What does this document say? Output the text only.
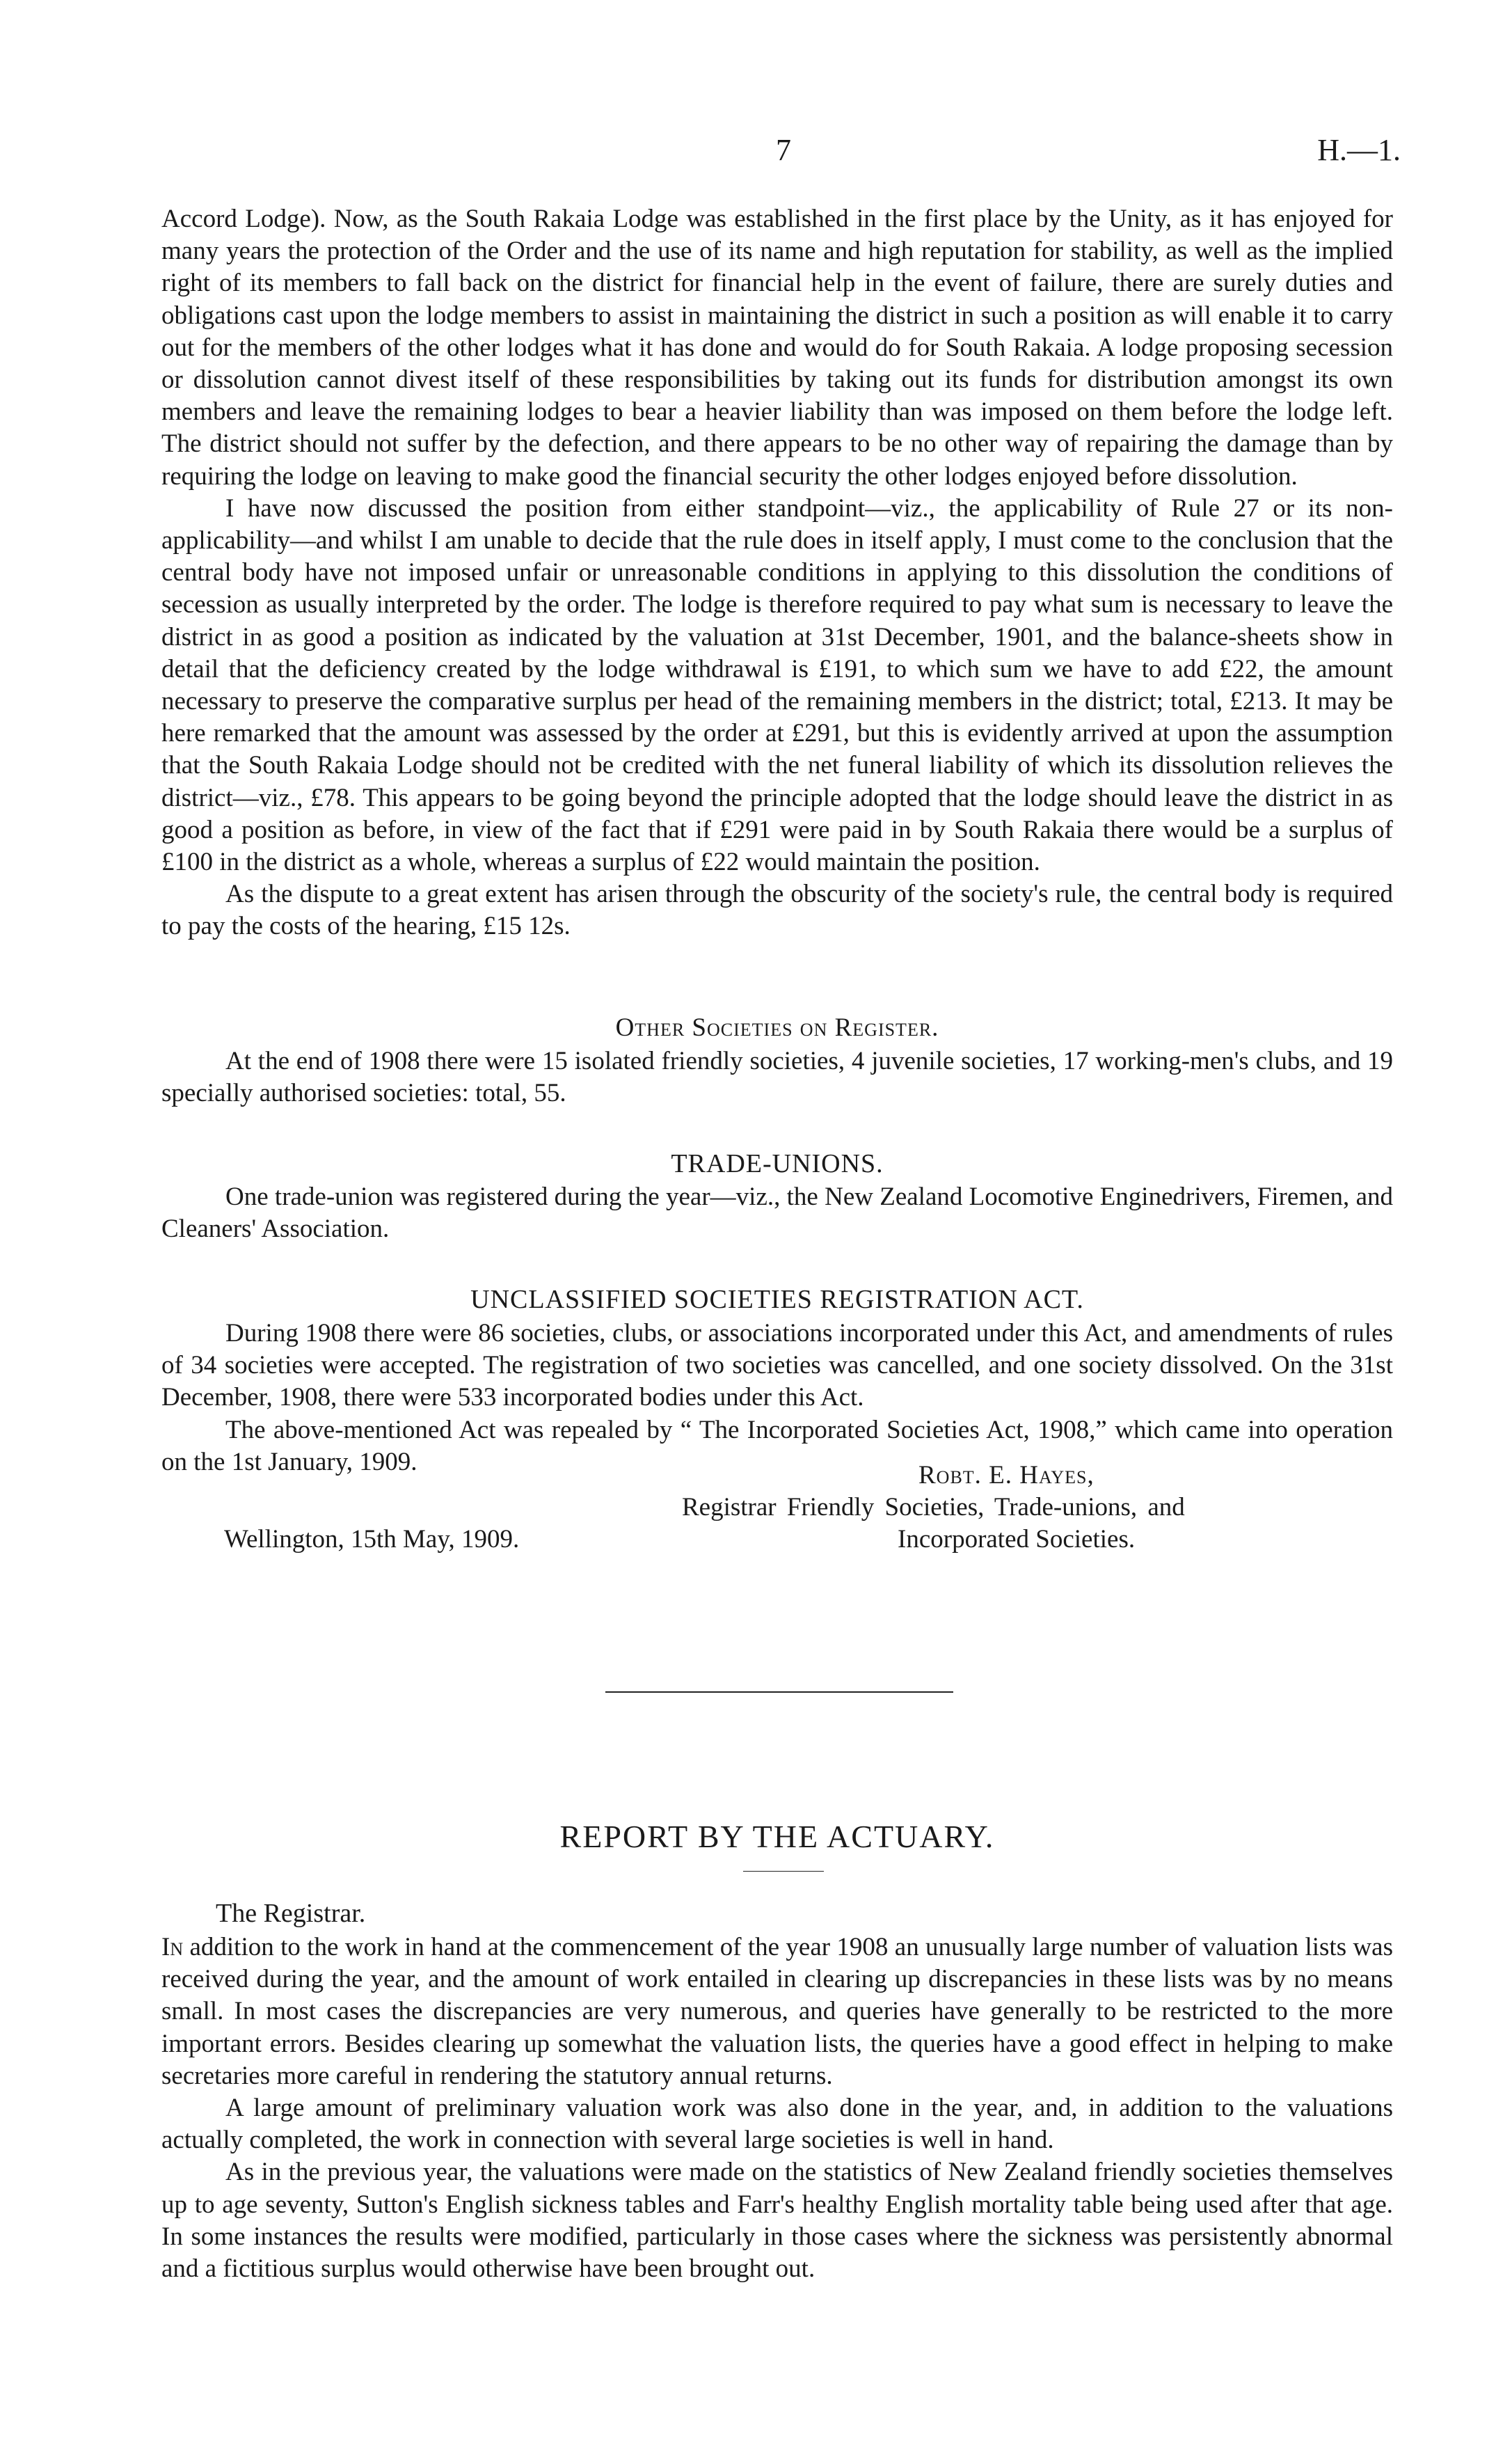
7	H.—1.

Accord Lodge). Now, as the South Rakaia Lodge was established in the first place by the Unity, as it has enjoyed for many years the protection of the Order and the use of its name and high reputation for stability, as well as the implied right of its members to fall back on the district for financial help in the event of failure, there are surely duties and obligations cast upon the lodge members to assist in maintaining the district in such a position as will enable it to carry out for the members of the other lodges what it has done and would do for South Rakaia. A lodge proposing secession or dissolution cannot divest itself of these responsibilities by taking out its funds for distribution amongst its own members and leave the remaining lodges to bear a heavier liability than was imposed on them before the lodge left. The district should not suffer by the defection, and there appears to be no other way of repairing the damage than by requiring the lodge on leaving to make good the financial security the other lodges enjoyed before dissolution.

I have now discussed the position from either standpoint—viz., the applicability of Rule 27 or its non-applicability—and whilst I am unable to decide that the rule does in itself apply, I must come to the conclusion that the central body have not imposed unfair or unreasonable conditions in applying to this dissolution the conditions of secession as usually interpreted by the order. The lodge is therefore required to pay what sum is necessary to leave the district in as good a position as indicated by the valuation at 31st December, 1901, and the balance-sheets show in detail that the deficiency created by the lodge withdrawal is £191, to which sum we have to add £22, the amount necessary to preserve the comparative surplus per head of the remaining members in the district; total, £213. It may be here remarked that the amount was assessed by the order at £291, but this is evidently arrived at upon the assumption that the South Rakaia Lodge should not be credited with the net funeral liability of which its dissolution relieves the district—viz., £78. This appears to be going beyond the principle adopted that the lodge should leave the district in as good a position as before, in view of the fact that if £291 were paid in by South Rakaia there would be a surplus of £100 in the district as a whole, whereas a surplus of £22 would maintain the position.

As the dispute to a great extent has arisen through the obscurity of the society's rule, the central body is required to pay the costs of the hearing, £15 12s.

Other Societies on Register.

At the end of 1908 there were 15 isolated friendly societies, 4 juvenile societies, 17 working-men's clubs, and 19 specially authorised societies: total, 55.

TRADE-UNIONS.

One trade-union was registered during the year—viz., the New Zealand Locomotive Enginedrivers, Firemen, and Cleaners' Association.

UNCLASSIFIED SOCIETIES REGISTRATION ACT.

During 1908 there were 86 societies, clubs, or associations incorporated under this Act, and amendments of rules of 34 societies were accepted. The registration of two societies was cancelled, and one society dissolved. On the 31st December, 1908, there were 533 incorporated bodies under this Act.

The above-mentioned Act was repealed by “ The Incorporated Societies Act, 1908,” which came into operation on the 1st January, 1909.	Robt. E. Hayes,
Registrar Friendly Societies, Trade-unions, and
Incorporated Societies.
Wellington, 15th May, 1909.
REPORT BY THE ACTUARY.
The Registrar.

In addition to the work in hand at the commencement of the year 1908 an unusually large number of valuation lists was received during the year, and the amount of work entailed in clearing up discrepancies in these lists was by no means small. In most cases the discrepancies are very numerous, and queries have generally to be restricted to the more important errors. Besides clearing up somewhat the valuation lists, the queries have a good effect in helping to make secretaries more careful in rendering the statutory annual returns.

A large amount of preliminary valuation work was also done in the year, and, in addition to the valuations actually completed, the work in connection with several large societies is well in hand.

As in the previous year, the valuations were made on the statistics of New Zealand friendly societies themselves up to age seventy, Sutton's English sickness tables and Farr's healthy English mortality table being used after that age. In some instances the results were modified, particularly in those cases where the sickness was persistently abnormal and a fictitious surplus would otherwise have been brought out.
